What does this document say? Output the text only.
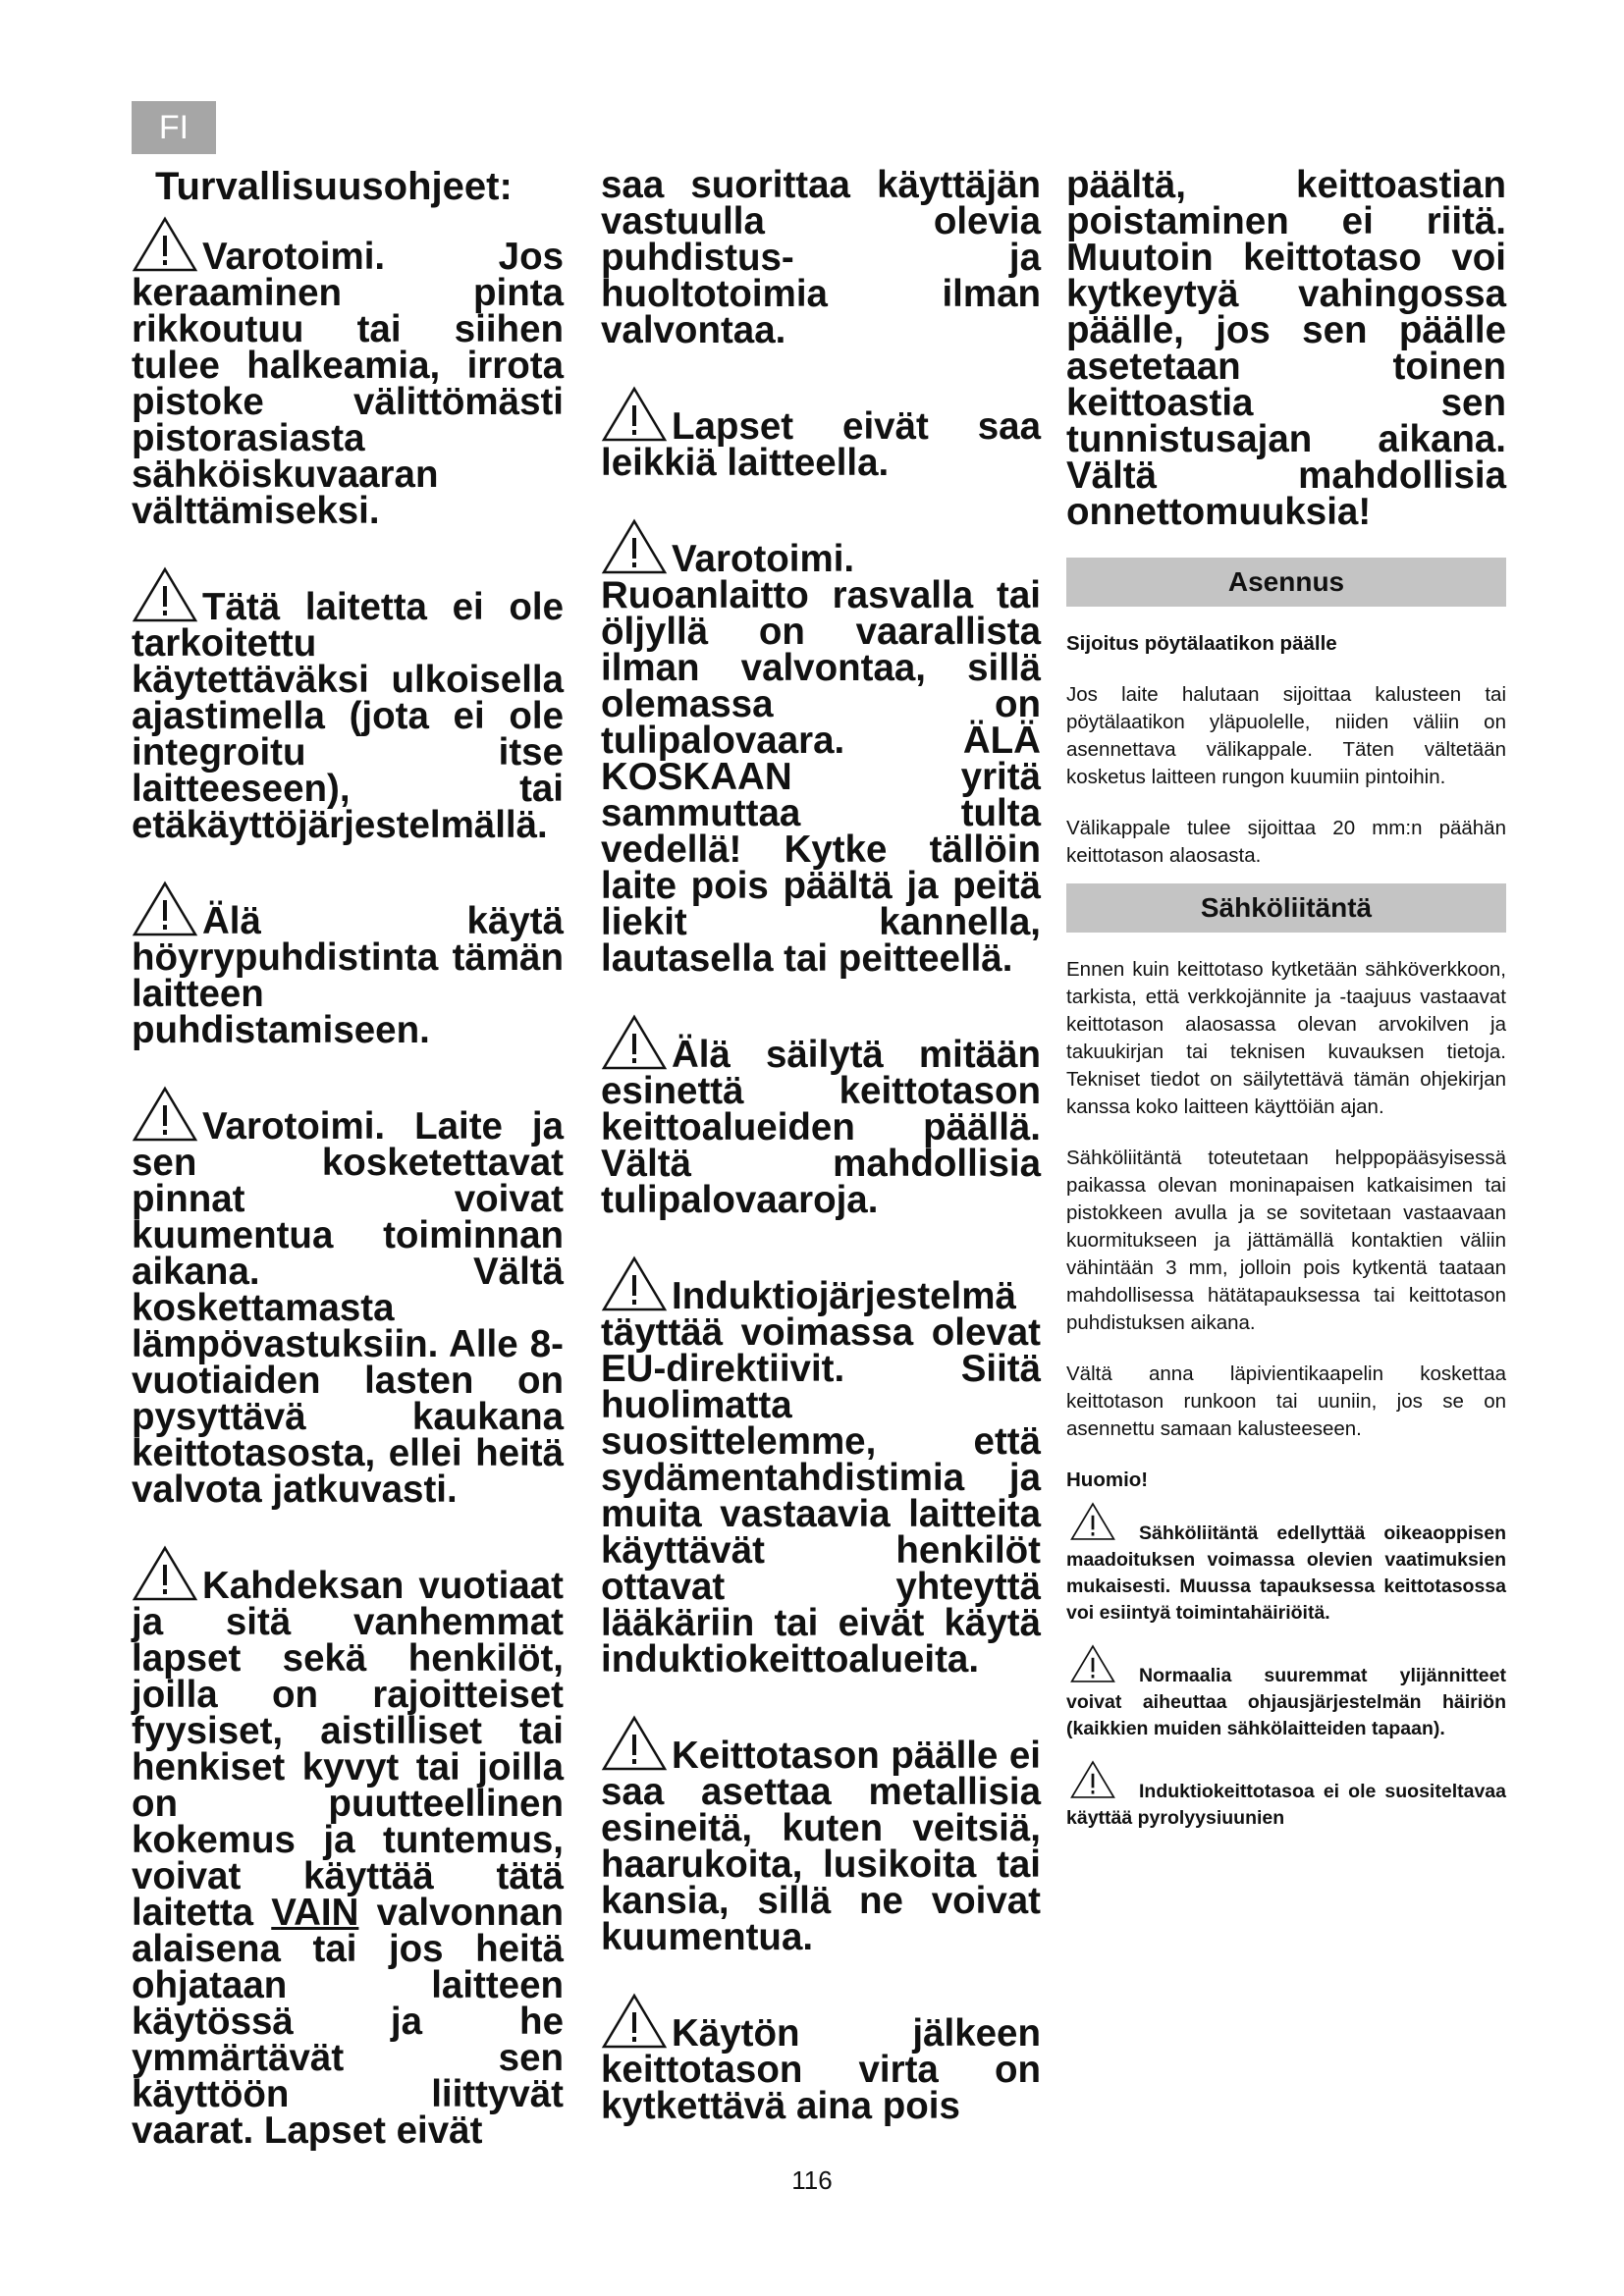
FI

Turvallisuusohjeet:

Varotoimi. Jos keraaminen pinta rikkoutuu tai siihen tulee halkeamia, irrota pistoke välittömästi pistorasiasta sähköiskuvaaran välttämiseksi.

Tätä laitetta ei ole tarkoitettu käytettäväksi ulkoisella ajastimella (jota ei ole integroitu itse laitteeseen), tai etäkäyttöjärjestelmällä.

Älä käytä höyrypuhdistinta tämän laitteen puhdistamiseen.

Varotoimi. Laite ja sen kosketettavat pinnat voivat kuumentua toiminnan aikana. Vältä koskettamasta lämpövastuksiin. Alle 8-vuotiaiden lasten on pysyttävä kaukana keittotasosta, ellei heitä valvota jatkuvasti.

Kahdeksan vuotiaat ja sitä vanhemmat lapset sekä henkilöt, joilla on rajoitteiset fyysiset, aistilliset tai henkiset kyvyt tai joilla on puutteellinen kokemus ja tuntemus, voivat käyttää tätä laitetta VAIN valvonnan alaisena tai jos heitä ohjataan laitteen käytössä ja he ymmärtävät sen käyttöön liittyvät vaarat. Lapset eivät

saa suorittaa käyttäjän vastuulla olevia puhdistus- ja huoltotoimia ilman valvontaa.

Lapset eivät saa leikkiä laitteella.

Varotoimi. Ruoanlaitto rasvalla tai öljyllä on vaarallista ilman valvontaa, sillä olemassa on tulipalovaara. ÄLÄ KOSKAAN yritä sammuttaa tulta vedellä! Kytke tällöin laite pois päältä ja peitä liekit kannella, lautasella tai peitteellä.

Älä säilytä mitään esinettä keittotason keittoalueiden päällä. Vältä mahdollisia tulipalovaaroja.

Induktiojärjestelmä täyttää voimassa olevat EU-direktiivit. Siitä huolimatta suosittelemme, että sydämentahdistimia ja muita vastaavia laitteita käyttävät henkilöt ottavat yhteyttä lääkäriin tai eivät käytä induktiokeittoalueita.

Keittotason päälle ei saa asettaa metallisia esineitä, kuten veitsiä, haarukoita, lusikoita tai kansia, sillä ne voivat kuumentua.

Käytön jälkeen keittotason virta on kytkettävä aina pois

päältä, keittoastian poistaminen ei riitä. Muutoin keittotaso voi kytkeytyä vahingossa päälle, jos sen päälle asetetaan toinen keittoastia sen tunnistusajan aikana. Vältä mahdollisia onnettomuuksia!

Asennus

Sijoitus pöytälaatikon päälle

Jos laite halutaan sijoittaa kalusteen tai pöytälaatikon yläpuolelle, niiden väliin on asennettava välikappale. Täten vältetään kosketus laitteen rungon kuumiin pintoihin.

Välikappale tulee sijoittaa 20 mm:n päähän keittotason alaosasta.

Sähköliitäntä

Ennen kuin keittotaso kytketään sähköverkkoon, tarkista, että verkkojännite ja -taajuus vastaavat keittotason alaosassa olevan arvokilven ja takuukirjan tai teknisen kuvauksen tietoja. Tekniset tiedot on säilytettävä tämän ohjekirjan kanssa koko laitteen käyttöiän ajan.

Sähköliitäntä toteutetaan helppopääsyisessä paikassa olevan moninapaisen katkaisimen tai pistokkeen avulla ja se sovitetaan vastaavaan kuormitukseen ja jättämällä kontaktien väliin vähintään 3 mm, jolloin pois kytkentä taataan mahdollisessa hätätapauksessa tai keittotason puhdistuksen aikana.

Vältä anna läpivientikaapelin koskettaa keittotason runkoon tai uuniin, jos se on asennettu samaan kalusteeseen.

Huomio!

Sähköliitäntä edellyttää oikeaoppisen maadoituksen voimassa olevien vaatimuksien mukaisesti. Muussa tapauksessa keittotasossa voi esiintyä toimintahäiriöitä.

Normaalia suuremmat ylijännitteet voivat aiheuttaa ohjausjärjestelmän häiriön (kaikkien muiden sähkölaitteiden tapaan).

Induktiokeittotasoa ei ole suositeltavaa käyttää pyrolyysiuunien

116
